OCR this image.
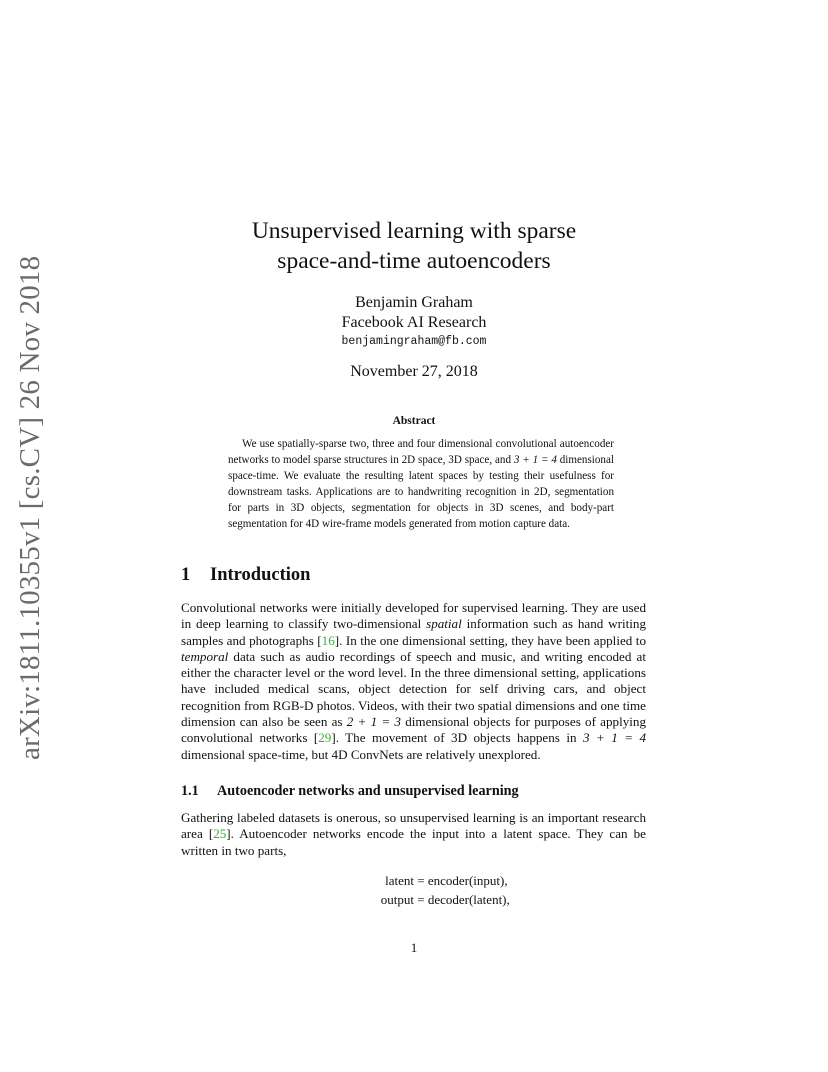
arXiv:1811.10355v1 [cs.CV] 26 Nov 2018
Unsupervised learning with sparse
space-and-time autoencoders
Benjamin Graham
Facebook AI Research
benjamingraham@fb.com
November 27, 2018
Abstract

We use spatially-sparse two, three and four dimensional convolutional autoencoder networks to model sparse structures in 2D space, 3D space, and 3 + 1 = 4 dimensional space-time. We evaluate the resulting latent spaces by testing their usefulness for downstream tasks. Applications are to handwriting recognition in 2D, segmentation for parts in 3D objects, segmentation for objects in 3D scenes, and body-part segmentation for 4D wire-frame models generated from motion capture data.

1 Introduction

Convolutional networks were initially developed for supervised learning. They are used in deep learning to classify two-dimensional spatial information such as hand writing samples and photographs [16]. In the one dimensional setting, they have been applied to temporal data such as audio recordings of speech and music, and writing encoded at either the character level or the word level. In the three dimensional setting, applications have included medical scans, object detection for self driving cars, and object recognition from RGB-D photos. Videos, with their two spatial dimensions and one time dimension can also be seen as 2 + 1 = 3 dimensional objects for purposes of applying convolutional networks [29]. The movement of 3D objects happens in 3 + 1 = 4 dimensional space-time, but 4D ConvNets are relatively unexplored.

1.1 Autoencoder networks and unsupervised learning

Gathering labeled datasets is onerous, so unsupervised learning is an important research area [25]. Autoencoder networks encode the input into a latent space. They can be written in two parts,

latent = encoder(input),
output = decoder(latent),
1
